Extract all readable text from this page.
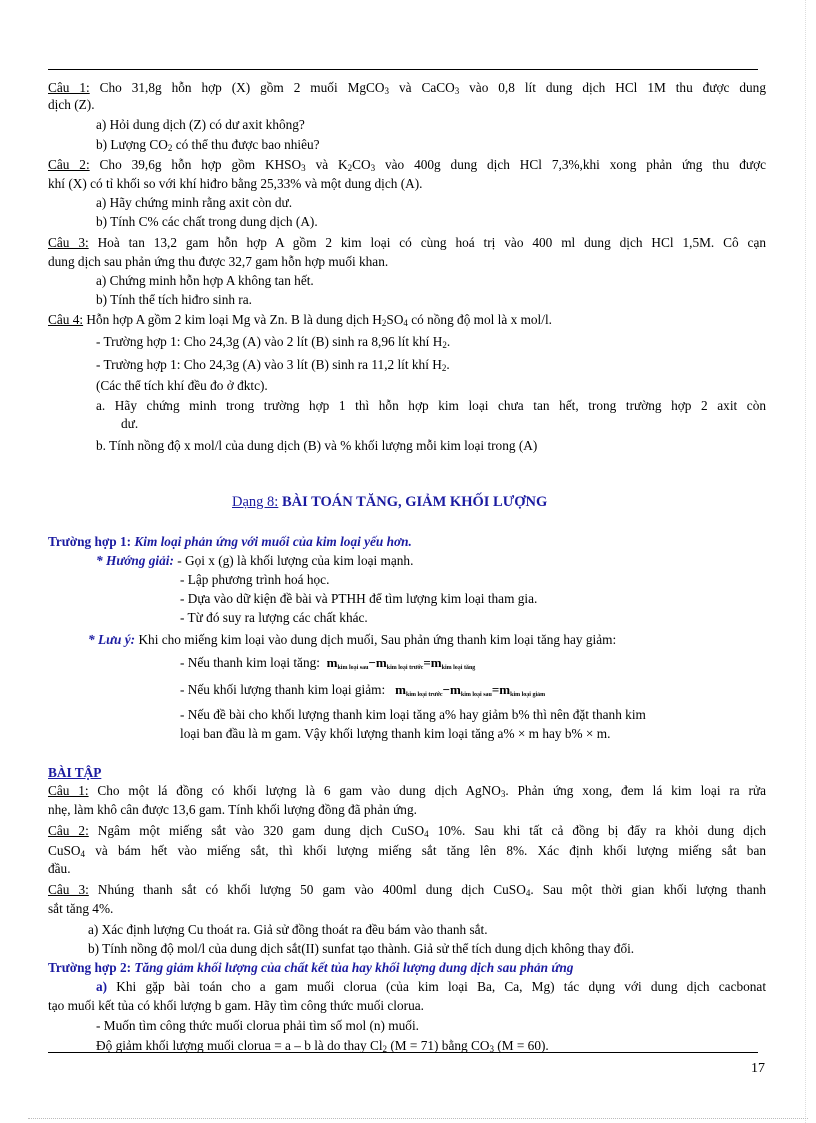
Câu 1: Cho 31,8g hỗn hợp (X) gồm 2 muối MgCO$_3$ và CaCO$_3$ vào 0,8 lít dung dịch HCl 1M thu được dung
dịch (Z).
a) Hỏi dung dịch (Z) có dư axit không?
b) Lượng $CO_2$ có thể thu được bao nhiêu?
Câu 2: Cho 39,6g hỗn hợp gồm $KHSO_3$ và $K_2CO_3$ vào 400g dung dịch HCl 7,3%,khi xong phản ứng thu được
khí (X) có tỉ khối so với khí hiđro bằng 25,33% và một dung dịch (A).
a) Hãy chứng minh rằng axit còn dư.
b) Tính C% các chất trong dung dịch (A).
Câu 3: Hoà tan 13,2 gam hỗn hợp A gồm 2 kim loại có cùng hoá trị vào 400 ml dung dịch HCl 1,5M. Cô cạn
dung dịch sau phản ứng thu được 32,7 gam hỗn hợp muối khan.
a) Chứng minh hỗn hợp A không tan hết.
b) Tính thể tích hiđro sinh ra.
Câu 4: Hỗn hợp A gồm 2 kim loại Mg và Zn. B là dung dịch $H_2SO_4$ có nồng độ mol là x mol/l.
- Trường hợp 1: Cho 24,3g (A) vào 2 lít (B) sinh ra 8,96 lít khí $H_2$.
- Trường hợp 1: Cho 24,3g (A) vào 3 lít (B) sinh ra 11,2 lít khí $H_2$.
(Các thể tích khí đều đo ở đktc).
a. Hãy chứng minh trong trường hợp 1 thì hỗn hợp kim loại chưa tan hết, trong trường hợp 2 axit còn
dư.
b. Tính nồng độ x mol/l của dung dịch (B) và % khối lượng mỗi kim loại trong (A)
Dạng 8: BÀI TOÁN TĂNG, GIẢM KHỐI LƯỢNG
Trường hợp 1: Kim loại phản ứng với muối của kim loại yếu hơn.
* Hướng giải: - Gọi x (g) là khối lượng của kim loại mạnh.
- Lập phương trình hoá học.
- Dựa vào dữ kiện đề bài và PTHH để tìm lượng kim loại tham gia.
- Từ đó suy ra lượng các chất khác.
* Lưu ý: Khi cho miếng kim loại vào dung dịch muối, Sau phản ứng thanh kim loại tăng hay giảm:
- Nếu thanh kim loại tăng: $m_{kim loại sau}-m_{kim loại trước}=m_{kim loại tăng}$
- Nếu khối lượng thanh kim loại giảm: $m_{kim loại trước}-m_{kim loại sau}=m_{kim loại giảm}$
- Nếu đề bài cho khối lượng thanh kim loại tăng a% hay giảm b% thì nên đặt thanh kim
loại ban đầu là m gam. Vậy khối lượng thanh kim loại tăng a% × m hay b% × m.
BÀI TẬP
Câu 1: Cho một lá đồng có khối lượng là 6 gam vào dung dịch AgNO$_3$. Phản ứng xong, đem lá kim loại ra rửa
nhẹ, làm khô cân được 13,6 gam. Tính khối lượng đồng đã phản ứng.
Câu 2: Ngâm một miếng sắt vào 320 gam dung dịch CuSO$_4$ 10%. Sau khi tất cả đồng bị đẩy ra khỏi dung dịch
CuSO$_4$ và bám hết vào miếng sắt, thì khối lượng miếng sắt tăng lên 8%. Xác định khối lượng miếng sắt ban
đầu.
Câu 3: Nhúng thanh sắt có khối lượng 50 gam vào 400ml dung dịch CuSO$_4$. Sau một thời gian khối lượng thanh
sắt tăng 4%.
a) Xác định lượng Cu thoát ra. Giả sử đồng thoát ra đều bám vào thanh sắt.
b) Tính nồng độ mol/l của dung dịch sắt(II) sunfat tạo thành. Giả sử thể tích dung dịch không thay đổi.
Trường hợp 2: Tăng giảm khối lượng của chất kết tủa hay khối lượng dung dịch sau phản ứng
a) Khi gặp bài toán cho a gam muối clorua (của kim loại Ba, Ca, Mg) tác dụng với dung dịch cacbonat
tạo muối kết tủa có khối lượng b gam. Hãy tìm công thức muối clorua.
- Muốn tìm công thức muối clorua phải tìm số mol (n) muối.
Độ giảm khối lượng muối clorua = a – b là do thay $Cl_2$ (M = 71) bằng $CO_3$ (M = 60).
17
